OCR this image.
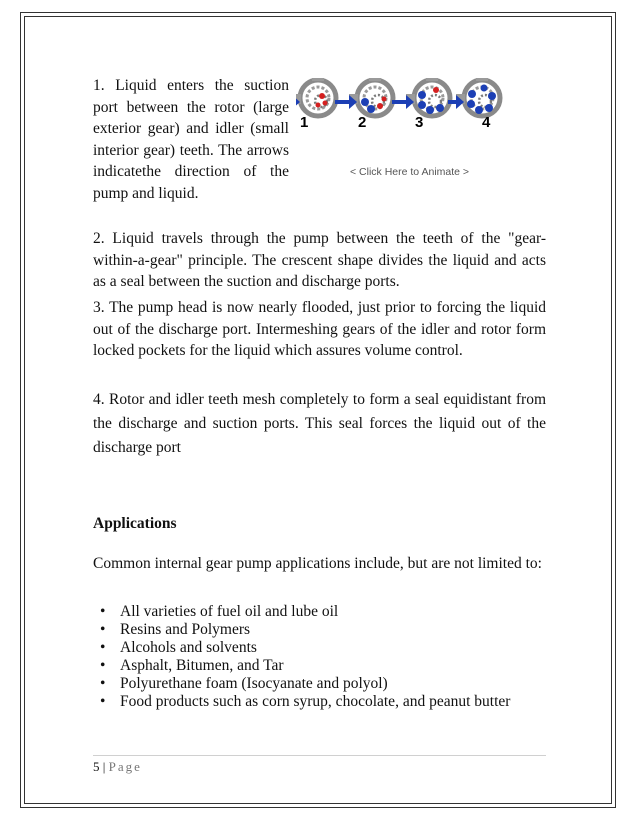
1. Liquid enters the suction port between the rotor (large exterior gear) and idler (small interior gear) teeth. The arrows indicatethe direction of the pump and liquid.

1	2	3	4
< Click Here to Animate >

2. Liquid travels through the pump between the teeth of the "gear-within-a-gear" principle. The crescent shape divides the liquid and acts as a seal between the suction and discharge ports.

3. The pump head is now nearly flooded, just prior to forcing the liquid out of the discharge port. Intermeshing gears of the idler and rotor form locked pockets for the liquid which assures volume control.

4. Rotor and idler teeth mesh completely to form a seal equidistant from the discharge and suction ports. This seal forces the liquid out of the discharge port

Applications

Common internal gear pump applications include, but are not limited to:

• All varieties of fuel oil and lube oil
• Resins and Polymers
• Alcohols and solvents
• Asphalt, Bitumen, and Tar
• Polyurethane foam (Isocyanate and polyol)
• Food products such as corn syrup, chocolate, and peanut butter
5 | Page
